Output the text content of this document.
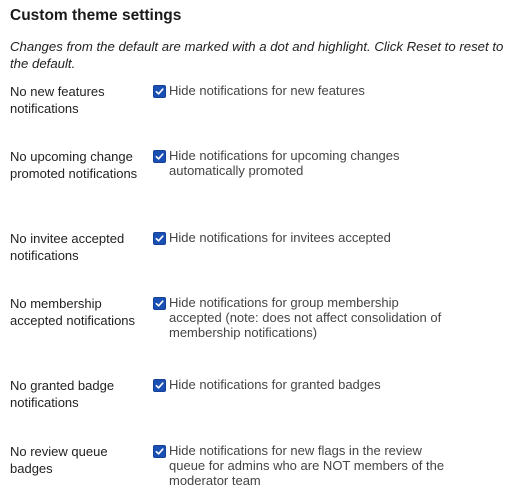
Custom theme settings
Changes from the default are marked with a dot and highlight. Click Reset to reset to the default.
No new features notifications
Hide notifications for new features
No upcoming change promoted notifications
Hide notifications for upcoming changes automatically promoted
No invitee accepted notifications
Hide notifications for invitees accepted
No membership accepted notifications
Hide notifications for group membership accepted (note: does not affect consolidation of membership notifications)
No granted badge notifications
Hide notifications for granted badges
No review queue badges
Hide notifications for new flags in the review queue for admins who are NOT members of the moderator team
